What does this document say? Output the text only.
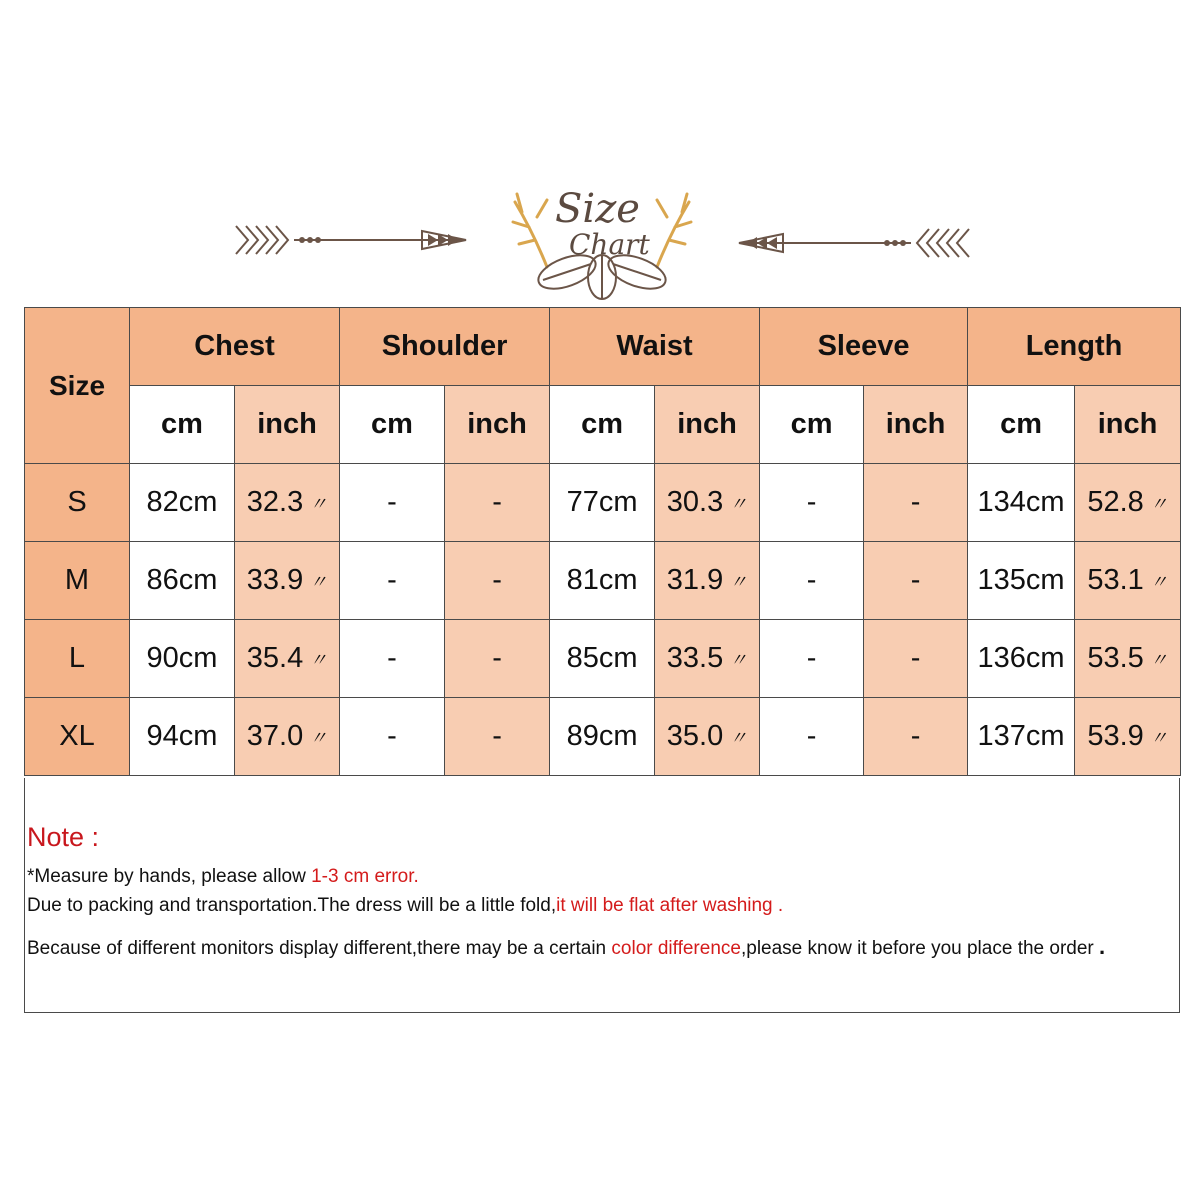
Size
Chart
Size	Chest		Shoulder		Waist		Sleeve		Length	
	cm	inch	cm	inch	cm	inch	cm	inch	cm	inch
S	82cm	32.3 〃	-	-	77cm	30.3 〃	-	-	134cm	52.8 〃
M	86cm	33.9 〃	-	-	81cm	31.9 〃	-	-	135cm	53.1 〃
L	90cm	35.4 〃	-	-	85cm	33.5 〃	-	-	136cm	53.5 〃
XL	94cm	37.0 〃	-	-	89cm	35.0 〃	-	-	137cm	53.9 〃
Note :
*Measure by hands, please allow 1-3 cm error.
Due to packing and transportation.The dress will be a little fold,it will be flat after washing .
Because of different monitors display different,there may be a certain color difference,please know it before you place the order .
